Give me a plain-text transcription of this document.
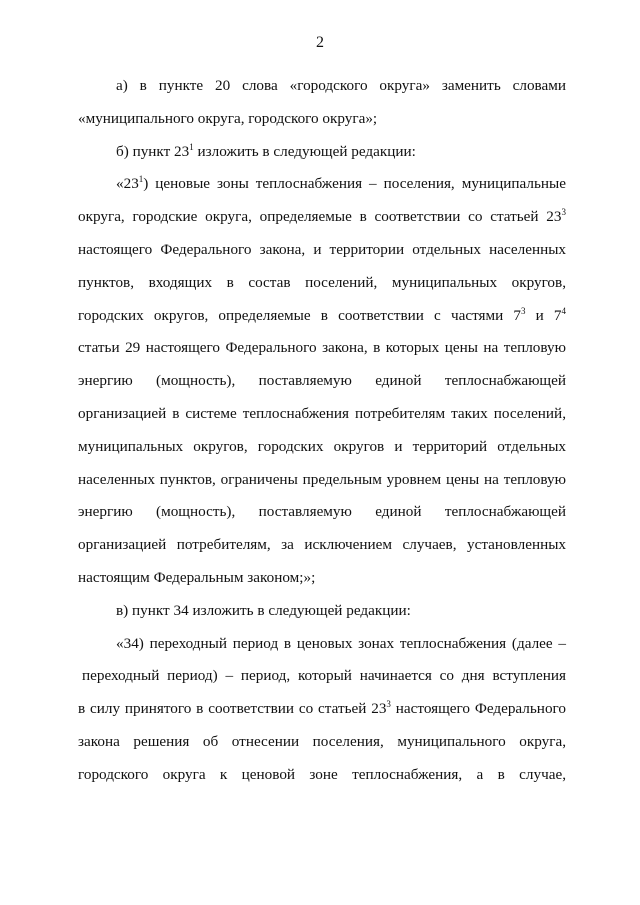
2
а) в пункте 20 слова «городского округа» заменить словами
«муниципального округа, городского округа»;
б) пункт $23^1$ изложить в следующей редакции:
«$23^1$) ценовые зоны теплоснабжения – поселения, муниципальные
округа, городские округа, определяемые в соответствии со статьей $23^3$
настоящего Федерального закона, и территории отдельных населенных
пунктов, входящих в состав поселений, муниципальных округов,
городских округов, определяемые в соответствии с частями $7^3$ и $7^4$
статьи 29 настоящего Федерального закона, в которых цены на тепловую
энергию (мощность), поставляемую единой теплоснабжающей
организацией в системе теплоснабжения потребителям таких поселений,
муниципальных округов, городских округов и территорий отдельных
населенных пунктов, ограничены предельным уровнем цены на тепловую
энергию (мощность), поставляемую единой теплоснабжающей
организацией потребителям, за исключением случаев, установленных
настоящим Федеральным законом;»;
в) пункт 34 изложить в следующей редакции:
«34) переходный период в ценовых зонах теплоснабжения (далее –
переходный период) – период, который начинается со дня вступления
в силу принятого в соответствии со статьей $23^3$ настоящего Федерального
закона решения об отнесении поселения, муниципального округа,
городского округа к ценовой зоне теплоснабжения, а в случае,
